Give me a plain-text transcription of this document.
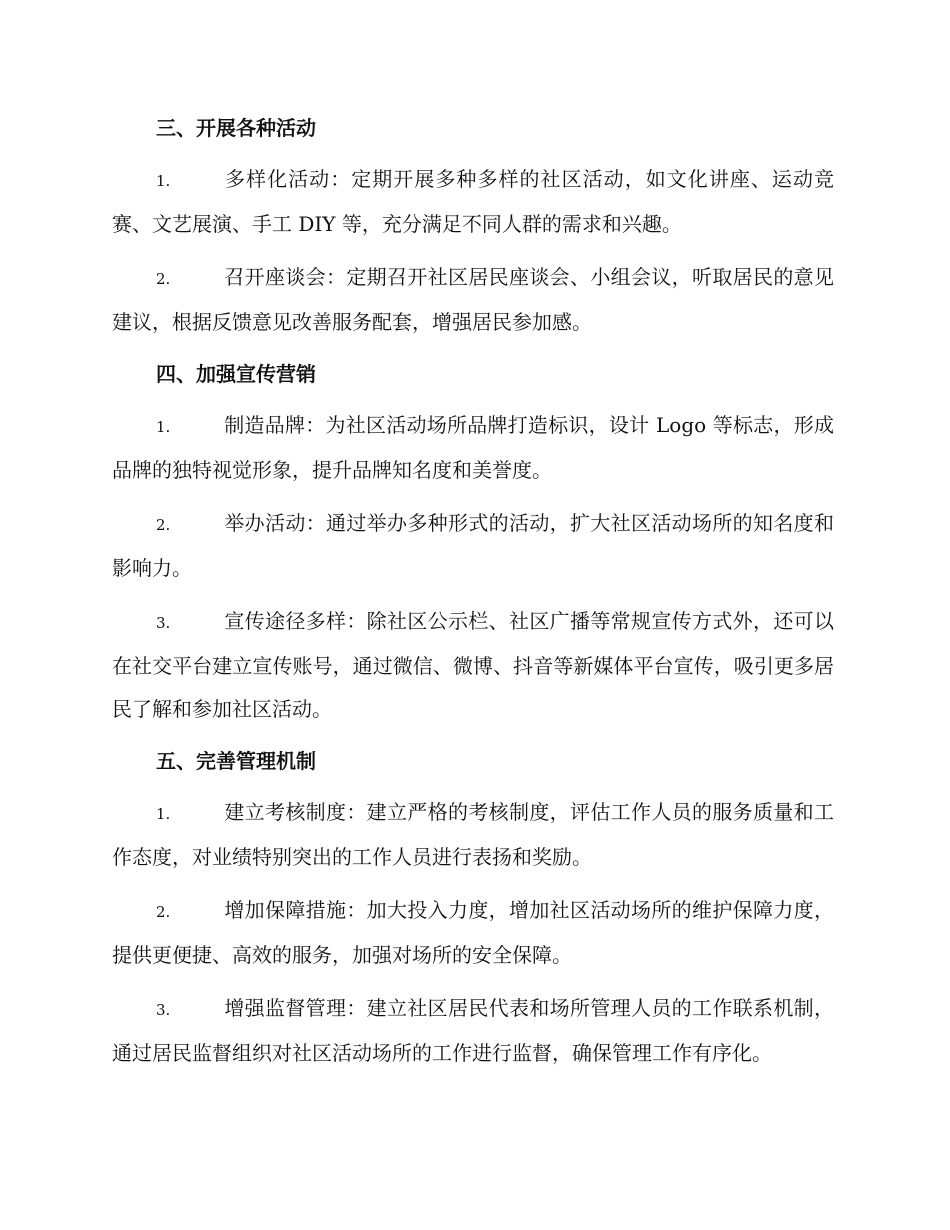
三、开展各种活动

1.	多样化活动：定期开展多种多样的社区活动，如文化讲座、运动竞赛、文艺展演、手工 DIY 等，充分满足不同人群的需求和兴趣。

2.	召开座谈会：定期召开社区居民座谈会、小组会议，听取居民的意见建议，根据反馈意见改善服务配套，增强居民参加感。

四、加强宣传营销

1.	制造品牌：为社区活动场所品牌打造标识，设计 Logo 等标志，形成品牌的独特视觉形象，提升品牌知名度和美誉度。

2.	举办活动：通过举办多种形式的活动，扩大社区活动场所的知名度和影响力。

3.	宣传途径多样：除社区公示栏、社区广播等常规宣传方式外，还可以在社交平台建立宣传账号，通过微信、微博、抖音等新媒体平台宣传，吸引更多居民了解和参加社区活动。

五、完善管理机制

1.	建立考核制度：建立严格的考核制度，评估工作人员的服务质量和工作态度，对业绩特别突出的工作人员进行表扬和奖励。

2.	增加保障措施：加大投入力度，增加社区活动场所的维护保障力度，提供更便捷、高效的服务，加强对场所的安全保障。

3.	增强监督管理：建立社区居民代表和场所管理人员的工作联系机制，通过居民监督组织对社区活动场所的工作进行监督，确保管理工作有序化。
